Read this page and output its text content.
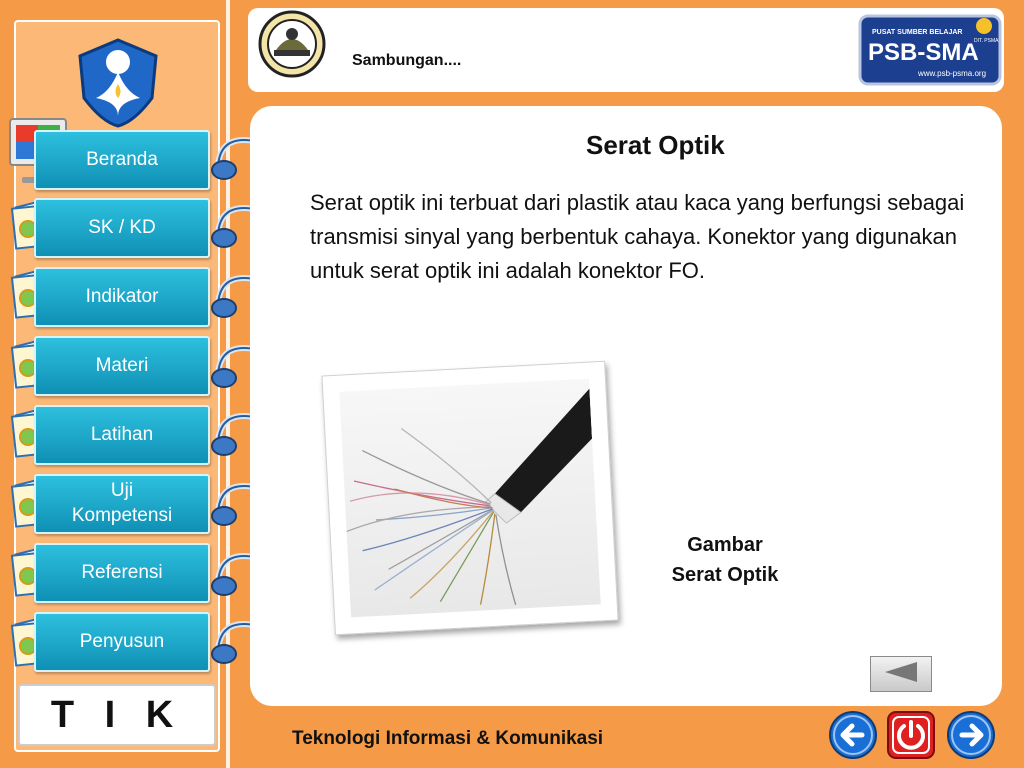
Beranda
SK / KD
Indikator
Materi
Latihan
Uji Kompetensi
Referensi
Penyusun
T I K
Sambungan....
PUSAT SUMBER BELAJAR
PSB-SMA
www.psb-psma.org
DIT. PSMA
Serat Optik
Serat optik ini terbuat dari plastik atau kaca yang berfungsi sebagai transmisi sinyal yang berbentuk cahaya. Konektor yang digunakan untuk serat optik ini adalah konektor FO.
Gambar
Serat Optik
Teknologi Informasi & Komunikasi
